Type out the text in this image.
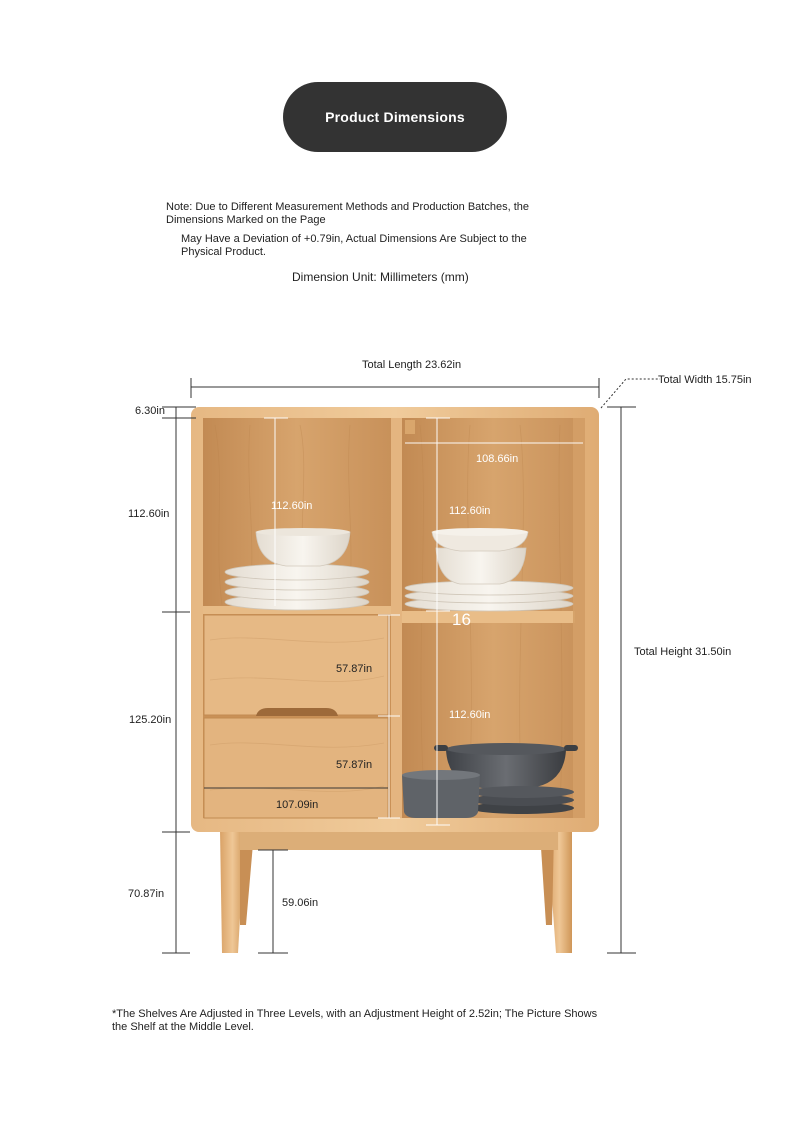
Product Dimensions
Note: Due to Different Measurement Methods and Production Batches, the
Dimensions Marked on the Page
May Have a Deviation of +0.79in, Actual Dimensions Are Subject to the
Physical Product.
Dimension Unit: Millimeters (mm)
Total Length 23.62in
Total Width 15.75in
Total Height 31.50in
6.30in
112.60in
125.20in
70.87in
59.06in
107.09in
57.87in
57.87in
112.60in	112.60in
112.60in
108.66in
16
*The Shelves Are Adjusted in Three Levels, with an Adjustment Height of 2.52in; The Picture Shows
the Shelf at the Middle Level.
